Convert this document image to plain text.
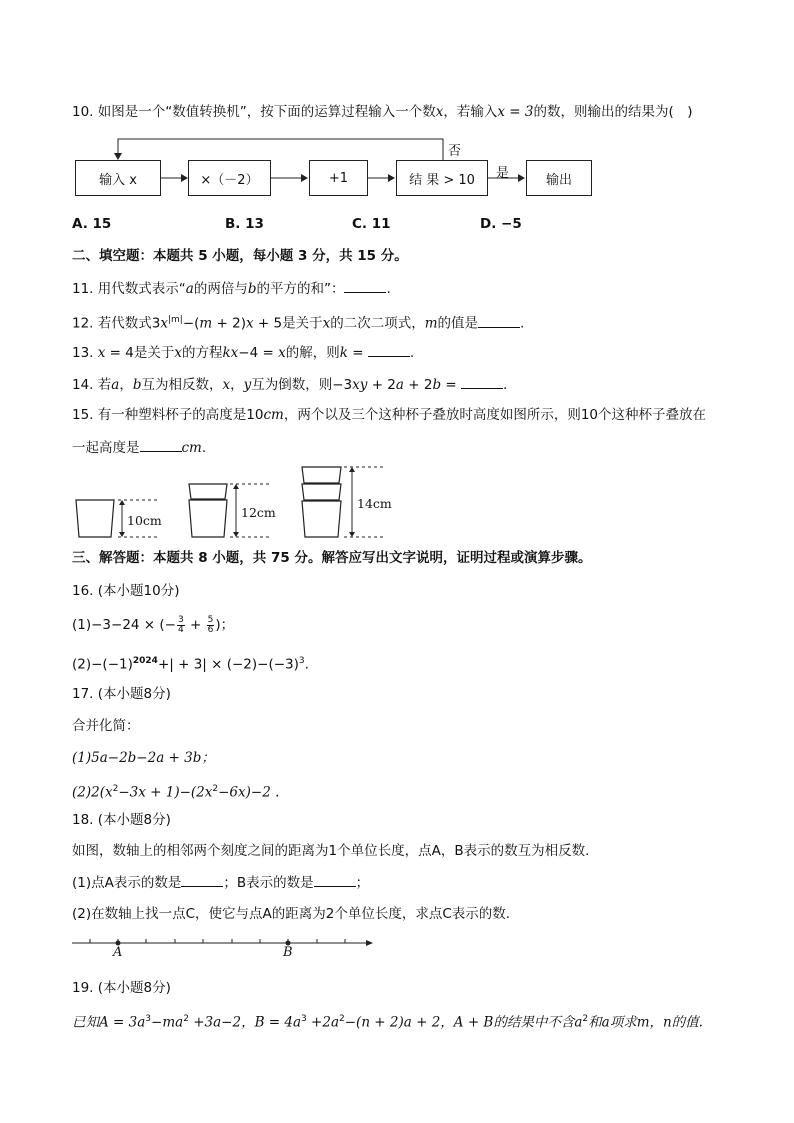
10. 如图是一个“数值转换机”，按下面的运算过程输入一个数x，若输入x = 3的数，则输出的结果为(　)
输入 x	×（－2）	+1	结 果 > 10	输出
否
是
A. 15	B. 13	C. 11	D. −5
二、填空题：本题共 5 小题，每小题 3 分，共 15 分。
11. 用代数式表示“a的两倍与b的平方的和”：	.
12. 若代数式$3x^{|m|}-(m + 2)x + 5$是关于x的二次二项式，m的值是	.
13. x = 4是关于x的方程kx−4 = x的解，则k =	.
14. 若a，b互为相反数，x，y互为倒数，则−3xy + 2a + 2b =	.
15. 有一种塑料杯子的高度是10cm，两个以及三个这种杯子叠放时高度如图所示，则10个这种杯子叠放在
一起高度是	cm.
10cm
12cm
14cm
三、解答题：本题共 8 小题，共 75 分。解答应写出文字说明，证明过程或演算步骤。
16. (本小题10分)
(1)−3−24 × (− $\frac{3}{4} + \frac{5}{6}$ )；
$(2)-(-1)^{2024}+| + 3| \times (-2)-(-3)^3$.
17. (本小题8分)
合并化简：
(1)5a−2b−2a + 3b；
$(2)2(x^2-3x + 1)-(2x^2-6x)-2$ .
18. (本小题8分)
如图，数轴上的相邻两个刻度之间的距离为1个单位长度，点A，B表示的数互为相反数.
(1)点A表示的数是	；B表示的数是	；
(2)在数轴上找一点C，使它与点A的距离为2个单位长度，求点C表示的数.
A	B
19. (本小题8分)
已知$A = 3a^3-ma^2 +3a-2$，$B = 4a^3 +2a^2-(n + 2)a + 2$，A + B的结果中不含$a^2$和a项求m，n的值.
